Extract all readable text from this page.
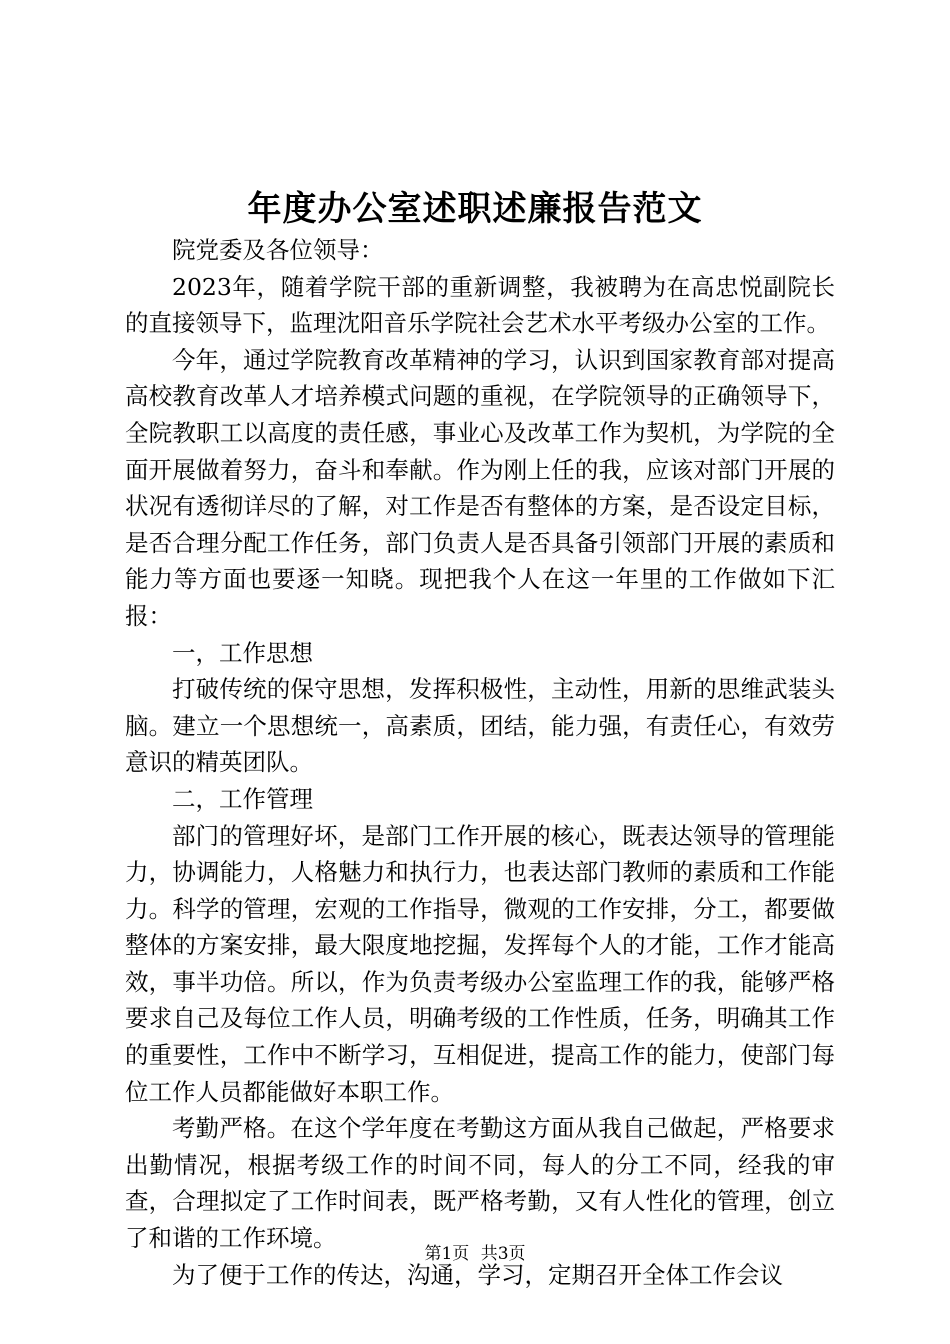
年度办公室述职述廉报告范文

院党委及各位领导：

2023年，随着学院干部的重新调整，我被聘为在高忠悦副院长的直接领导下，监理沈阳音乐学院社会艺术水平考级办公室的工作。

今年，通过学院教育改革精神的学习，认识到国家教育部对提高高校教育改革人才培养模式问题的重视，在学院领导的正确领导下，全院教职工以高度的责任感，事业心及改革工作为契机，为学院的全面开展做着努力，奋斗和奉献。作为刚上任的我，应该对部门开展的状况有透彻详尽的了解，对工作是否有整体的方案，是否设定目标，是否合理分配工作任务，部门负责人是否具备引领部门开展的素质和能力等方面也要逐一知晓。现把我个人在这一年里的工作做如下汇报：

一，工作思想

打破传统的保守思想，发挥积极性，主动性，用新的思维武装头脑。建立一个思想统一，高素质，团结，能力强，有责任心，有效劳意识的精英团队。

二，工作管理

部门的管理好坏，是部门工作开展的核心，既表达领导的管理能力，协调能力，人格魅力和执行力，也表达部门教师的素质和工作能力。科学的管理，宏观的工作指导，微观的工作安排，分工，都要做整体的方案安排，最大限度地挖掘，发挥每个人的才能，工作才能高效，事半功倍。所以，作为负责考级办公室监理工作的我，能够严格要求自己及每位工作人员，明确考级的工作性质，任务，明确其工作的重要性，工作中不断学习，互相促进，提高工作的能力，使部门每位工作人员都能做好本职工作。

考勤严格。在这个学年度在考勤这方面从我自己做起，严格要求出勤情况，根据考级工作的时间不同，每人的分工不同，经我的审查，合理拟定了工作时间表，既严格考勤，又有人性化的管理，创立了和谐的工作环境。

为了便于工作的传达，沟通，学习，定期召开全体工作会议

第1页 共3页
